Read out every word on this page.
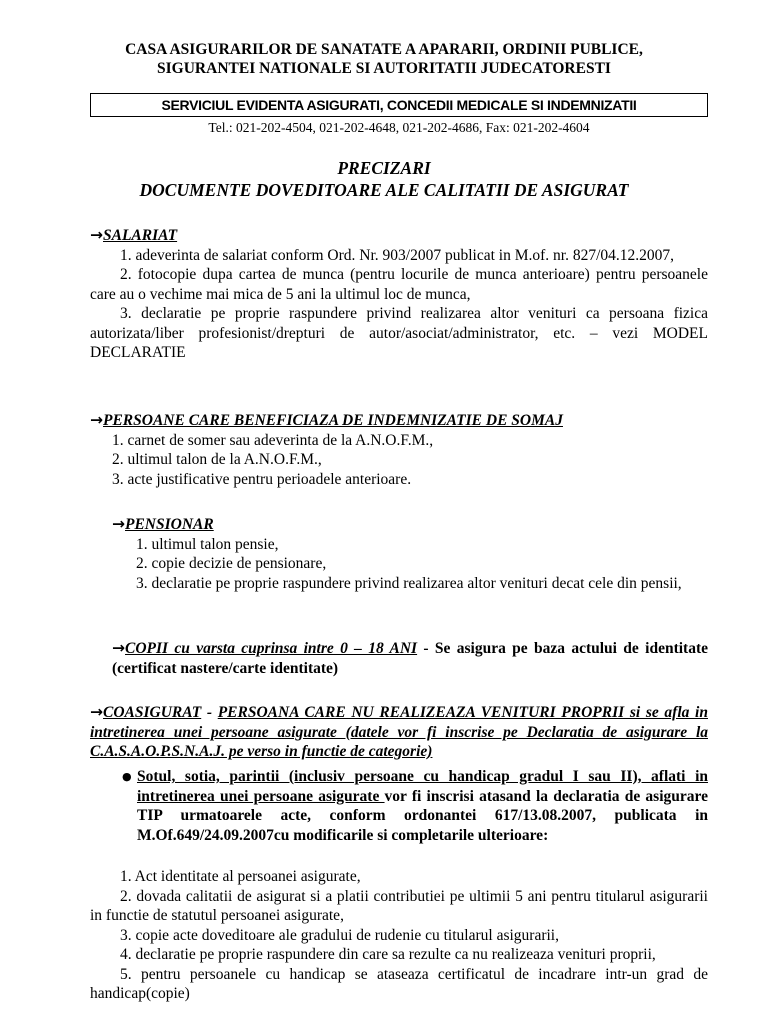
CASA ASIGURARILOR DE SANATATE A APARARII, ORDINII PUBLICE,
SIGURANTEI NATIONALE SI AUTORITATII JUDECATORESTI
SERVICIUL EVIDENTA ASIGURATI, CONCEDII MEDICALE SI INDEMNIZATII
Tel.: 021-202-4504, 021-202-4648, 021-202-4686, Fax: 021-202-4604
PRECIZARI
DOCUMENTE DOVEDITOARE ALE CALITATII DE ASIGURAT
→SALARIAT
1. adeverinta de salariat conform Ord. Nr. 903/2007 publicat in M.of. nr. 827/04.12.2007,
2. fotocopie dupa cartea de munca (pentru locurile de munca anterioare) pentru persoanele care au o vechime mai mica de 5 ani la ultimul loc de munca,
3. declaratie pe proprie raspundere privind realizarea altor venituri ca persoana fizica autorizata/liber profesionist/drepturi de autor/asociat/administrator, etc. – vezi MODEL DECLARATIE
→PERSOANE CARE BENEFICIAZA DE INDEMNIZATIE DE SOMAJ
1. carnet de somer sau adeverinta de la A.N.O.F.M.,
2. ultimul talon de la A.N.O.F.M.,
3. acte justificative pentru perioadele anterioare.
→PENSIONAR
1. ultimul talon pensie,
2. copie decizie de pensionare,
3. declaratie pe proprie raspundere privind realizarea altor venituri decat cele din pensii,
→COPII cu varsta cuprinsa intre 0 – 18 ANI - Se asigura pe baza actului de identitate (certificat nastere/carte identitate)
→COASIGURAT - PERSOANA CARE NU REALIZEAZA VENITURI PROPRII si se afla in intretinerea unei persoane asigurate (datele vor fi inscrise pe Declaratia de asigurare la C.A.S.A.O.P.S.N.A.J. pe verso in functie de categorie)
● Sotul, sotia, parintii (inclusiv persoane cu handicap gradul I sau II), aflati in intretinerea unei persoane asigurate vor fi inscrisi atasand la declaratia de asigurare TIP urmatoarele acte, conform ordonantei 617/13.08.2007, publicata in M.Of.649/24.09.2007cu modificarile si completarile ulterioare:
1. Act identitate al persoanei asigurate,
2. dovada calitatii de asigurat si a platii contributiei pe ultimii 5 ani pentru titularul asigurarii in functie de statutul persoanei asigurate,
3. copie acte doveditoare ale gradului de rudenie cu titularul asigurarii,
4. declaratie pe proprie raspundere din care sa rezulte ca nu realizeaza venituri proprii,
5. pentru persoanele cu handicap se ataseaza certificatul de incadrare intr-un grad de handicap(copie)
